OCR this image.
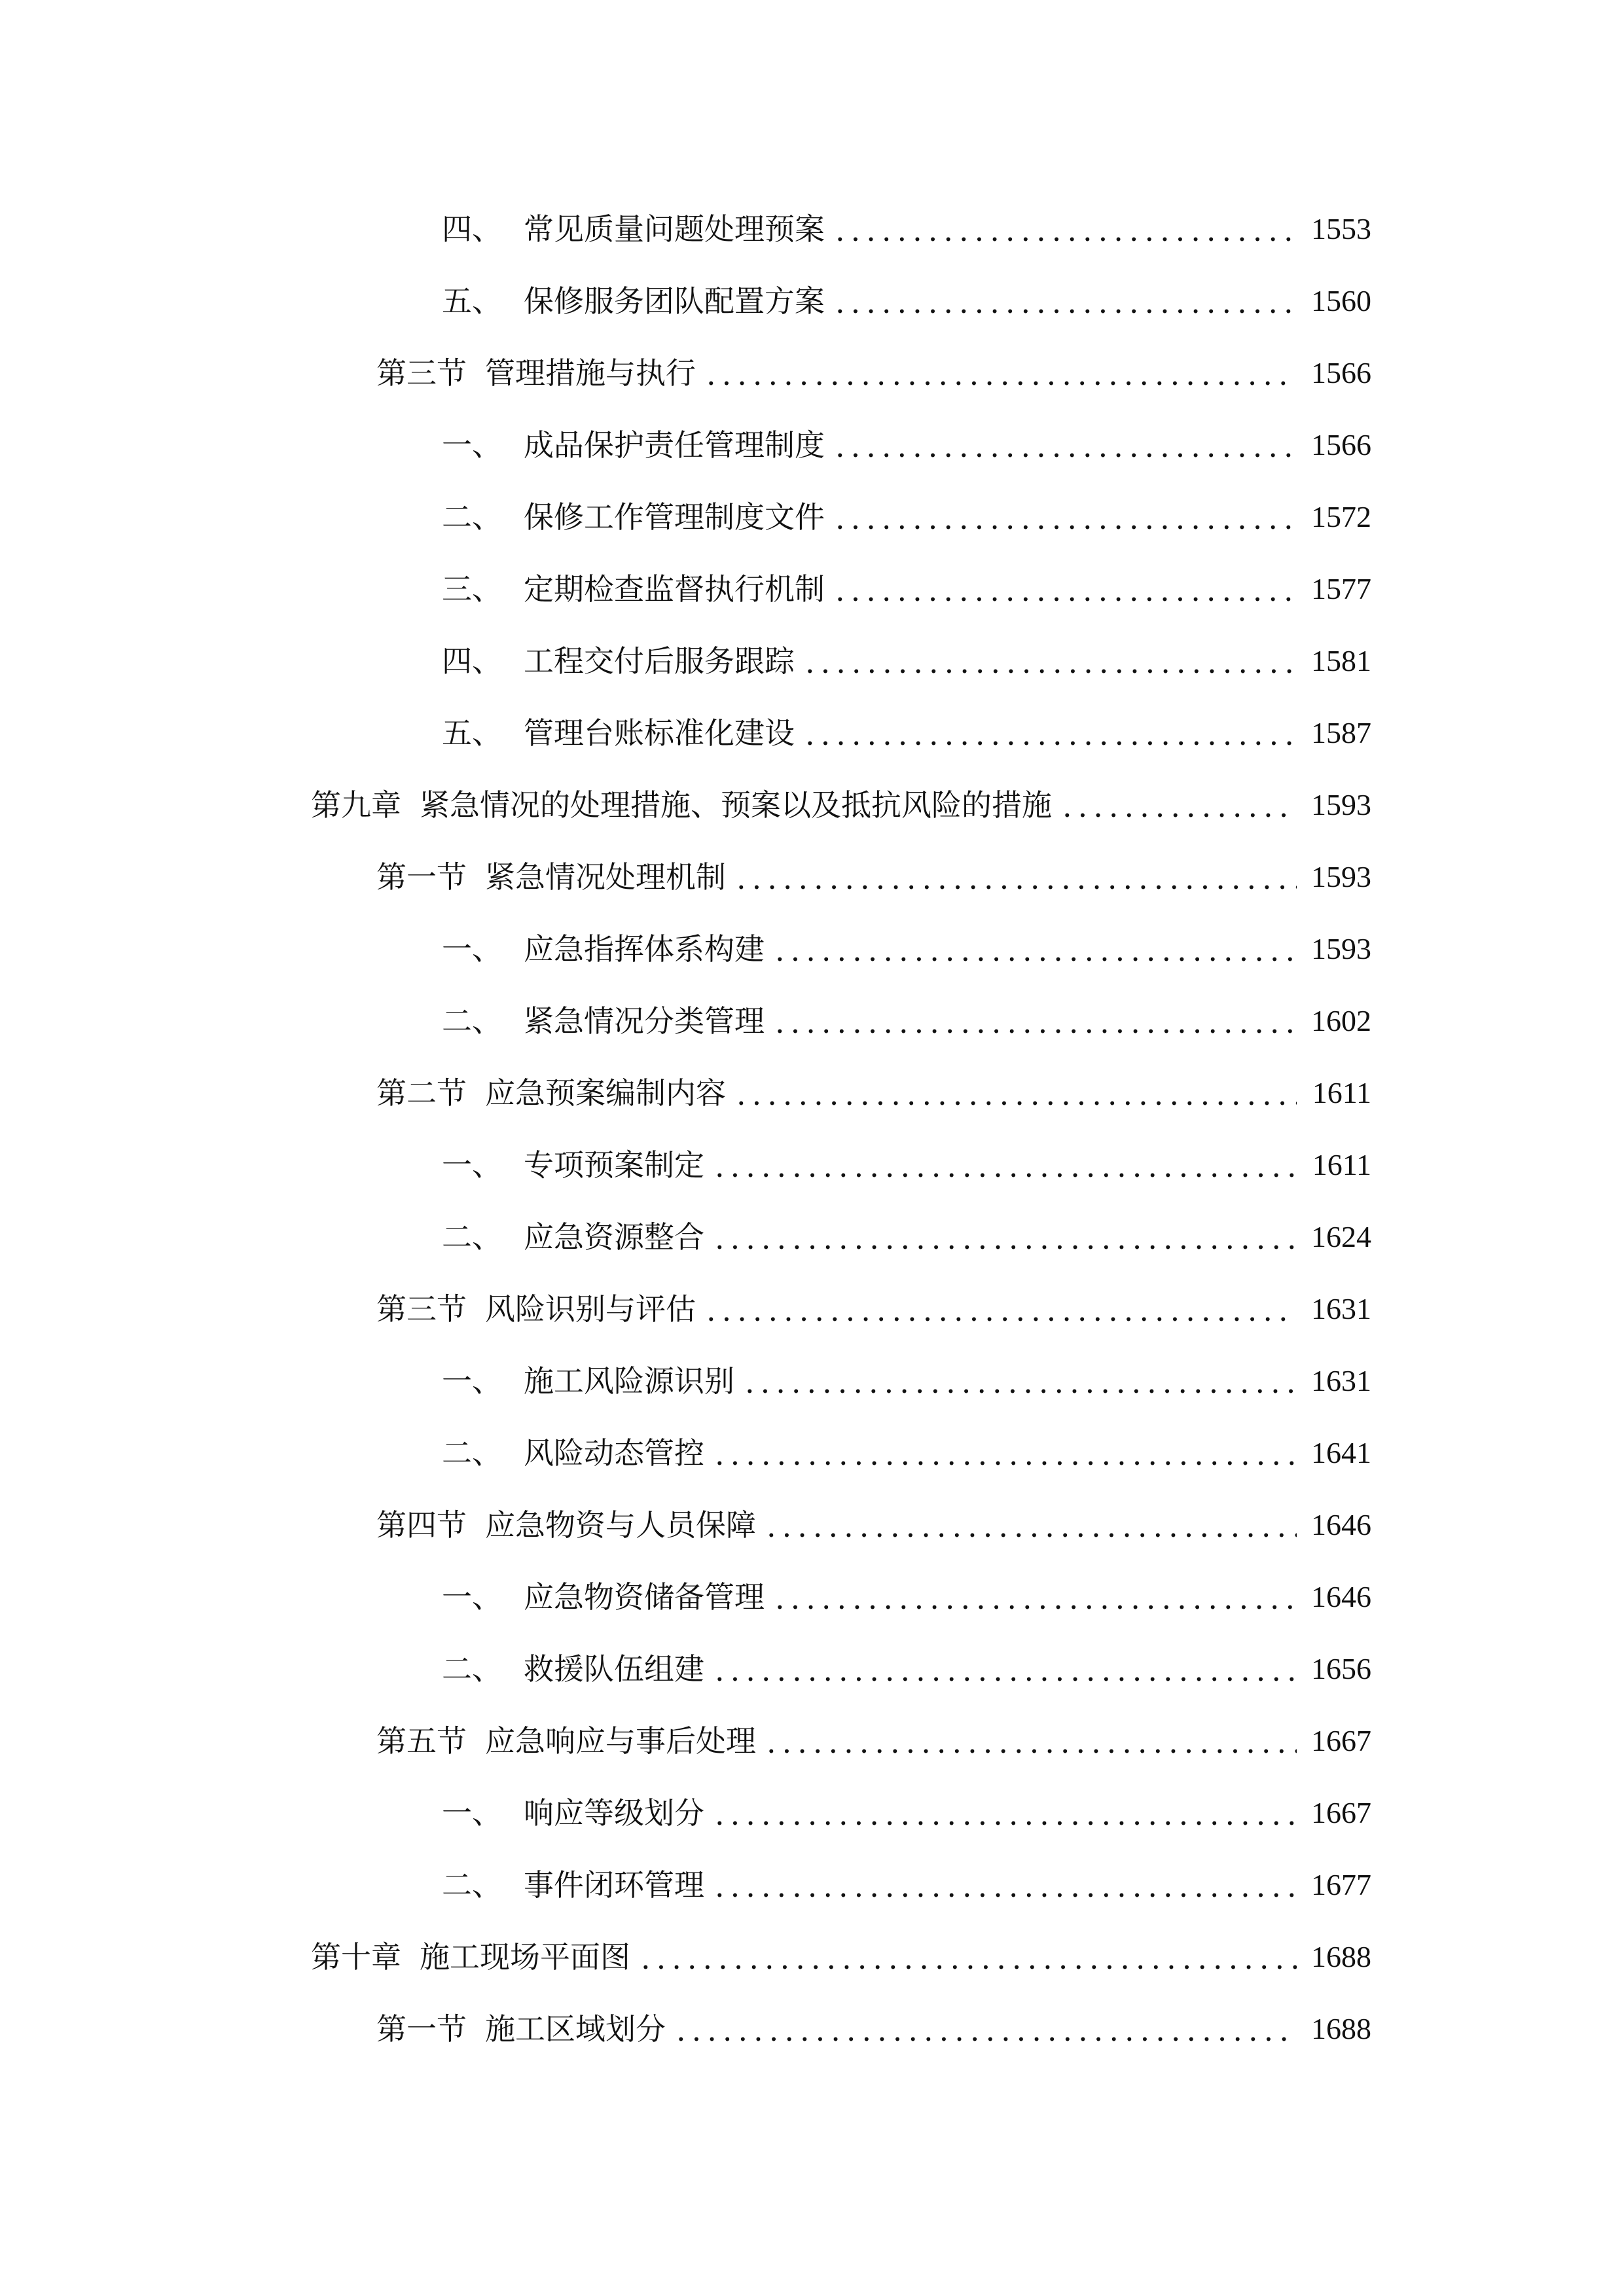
四、 常见质量问题处理预案 .....	1553
五、 保修服务团队配置方案 .....	1560
第三节 管理措施与执行 .....	1566
一、 成品保护责任管理制度 .....	1566
二、 保修工作管理制度文件 .....	1572
三、 定期检查监督执行机制 .....	1577
四、 工程交付后服务跟踪 .....	1581
五、 管理台账标准化建设 .....	1587
第九章 紧急情况的处理措施、预案以及抵抗风险的措施 .....	1593
第一节 紧急情况处理机制 .....	1593
一、 应急指挥体系构建 .....	1593
二、 紧急情况分类管理 .....	1602
第二节 应急预案编制内容 .....	1611
一、 专项预案制定 .....	1611
二、 应急资源整合 .....	1624
第三节 风险识别与评估 .....	1631
一、 施工风险源识别 .....	1631
二、 风险动态管控 .....	1641
第四节 应急物资与人员保障 .....	1646
一、 应急物资储备管理 .....	1646
二、 救援队伍组建 .....	1656
第五节 应急响应与事后处理 .....	1667
一、 响应等级划分 .....	1667
二、 事件闭环管理 .....	1677
第十章 施工现场平面图 .....	1688
第一节 施工区域划分 .....	1688
